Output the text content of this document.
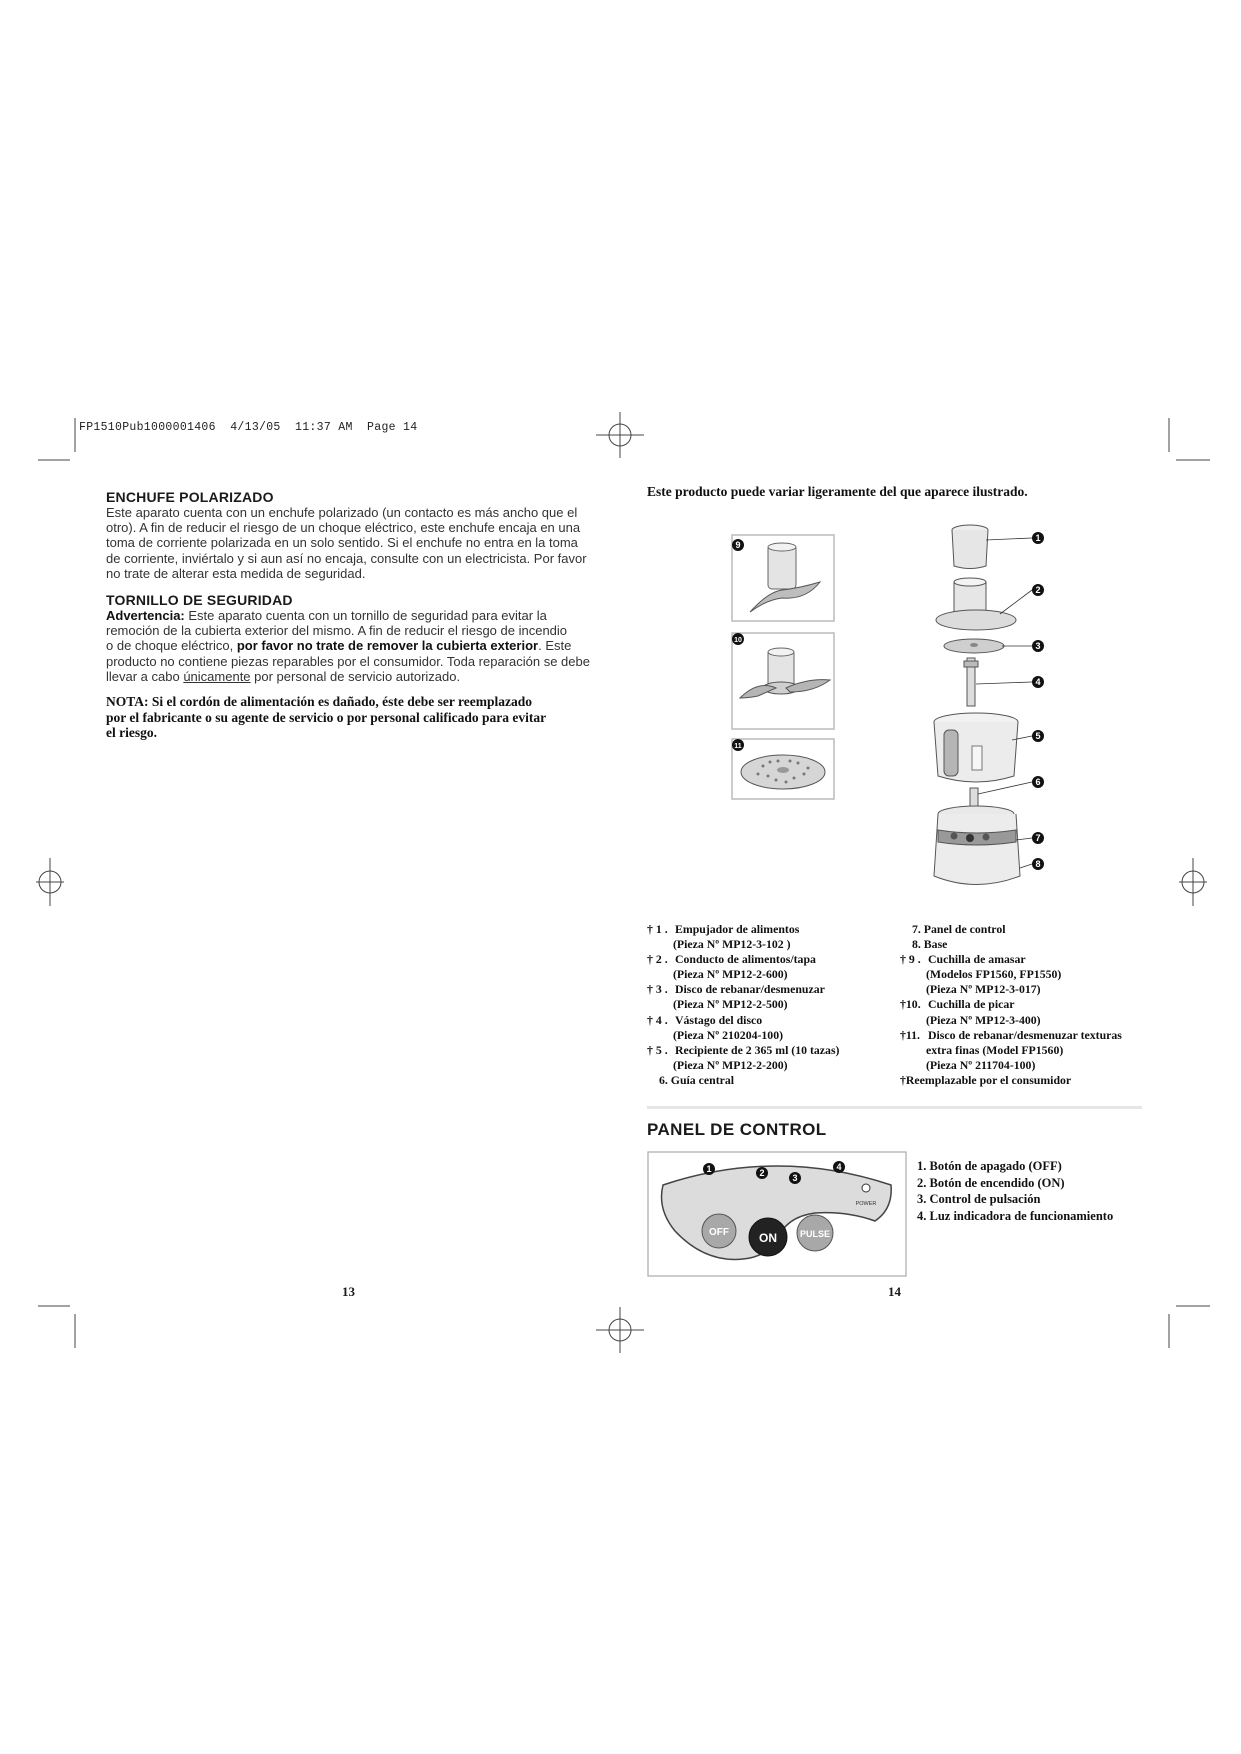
FP1510Pub1000001406  4/13/05  11:37 AM  Page 14
ENCHUFE POLARIZADO
Este aparato cuenta con un enchufe polarizado (un contacto es más ancho que el
otro). A fin de reducir el riesgo de un choque eléctrico, este enchufe encaja en una
toma de corriente polarizada en un solo sentido. Si el enchufe no entra en la toma
de corriente, inviértalo y si aun así no encaja, consulte con un electricista. Por favor
no trate de alterar esta medida de seguridad.
TORNILLO DE SEGURIDAD
Advertencia: Este aparato cuenta con un tornillo de seguridad para evitar la
remoción de la cubierta exterior del mismo. A fin de reducir el riesgo de incendio
o de choque eléctrico, por favor no trate de remover la cubierta exterior. Este
producto no contiene piezas reparables por el consumidor. Toda reparación se debe
llevar a cabo únicamente por personal de servicio autorizado.
NOTA: Si el cordón de alimentación es dañado, éste debe ser reemplazado
por el fabricante o su agente de servicio o por personal calificado para evitar
el riesgo.
13
Este producto puede variar ligeramente del que aparece ilustrado.
9
10
11
1
2
3
4
5
6
7
8
† 1 . Empujador de alimentos
(Pieza Nº MP12-3-102 )
† 2 . Conducto de alimentos/tapa
(Pieza Nº MP12-2-600)
† 3 . Disco de rebanar/desmenuzar
(Pieza Nº MP12-2-500)
† 4 . Vástago del disco
(Pieza Nº 210204-100)
† 5 . Recipiente de 2 365 ml (10 tazas)
(Pieza Nº MP12-2-200)
6. Guía central
7. Panel de control
8. Base
† 9 . Cuchilla de amasar
(Modelos FP1560, FP1550)
(Pieza Nº MP12-3-017)
†10. Cuchilla de picar
(Pieza Nº MP12-3-400)
†11. Disco de rebanar/desmenuzar texturas
extra finas (Model FP1560)
(Pieza Nº 211704-100)
†Reemplazable por el consumidor
PANEL DE CONTROL
OFF	ON	PULSE
POWER
1	2	3
4	1. Botón de apagado (OFF)
2. Botón de encendido (ON)
3. Control de pulsación
4. Luz indicadora de funcionamiento
14
